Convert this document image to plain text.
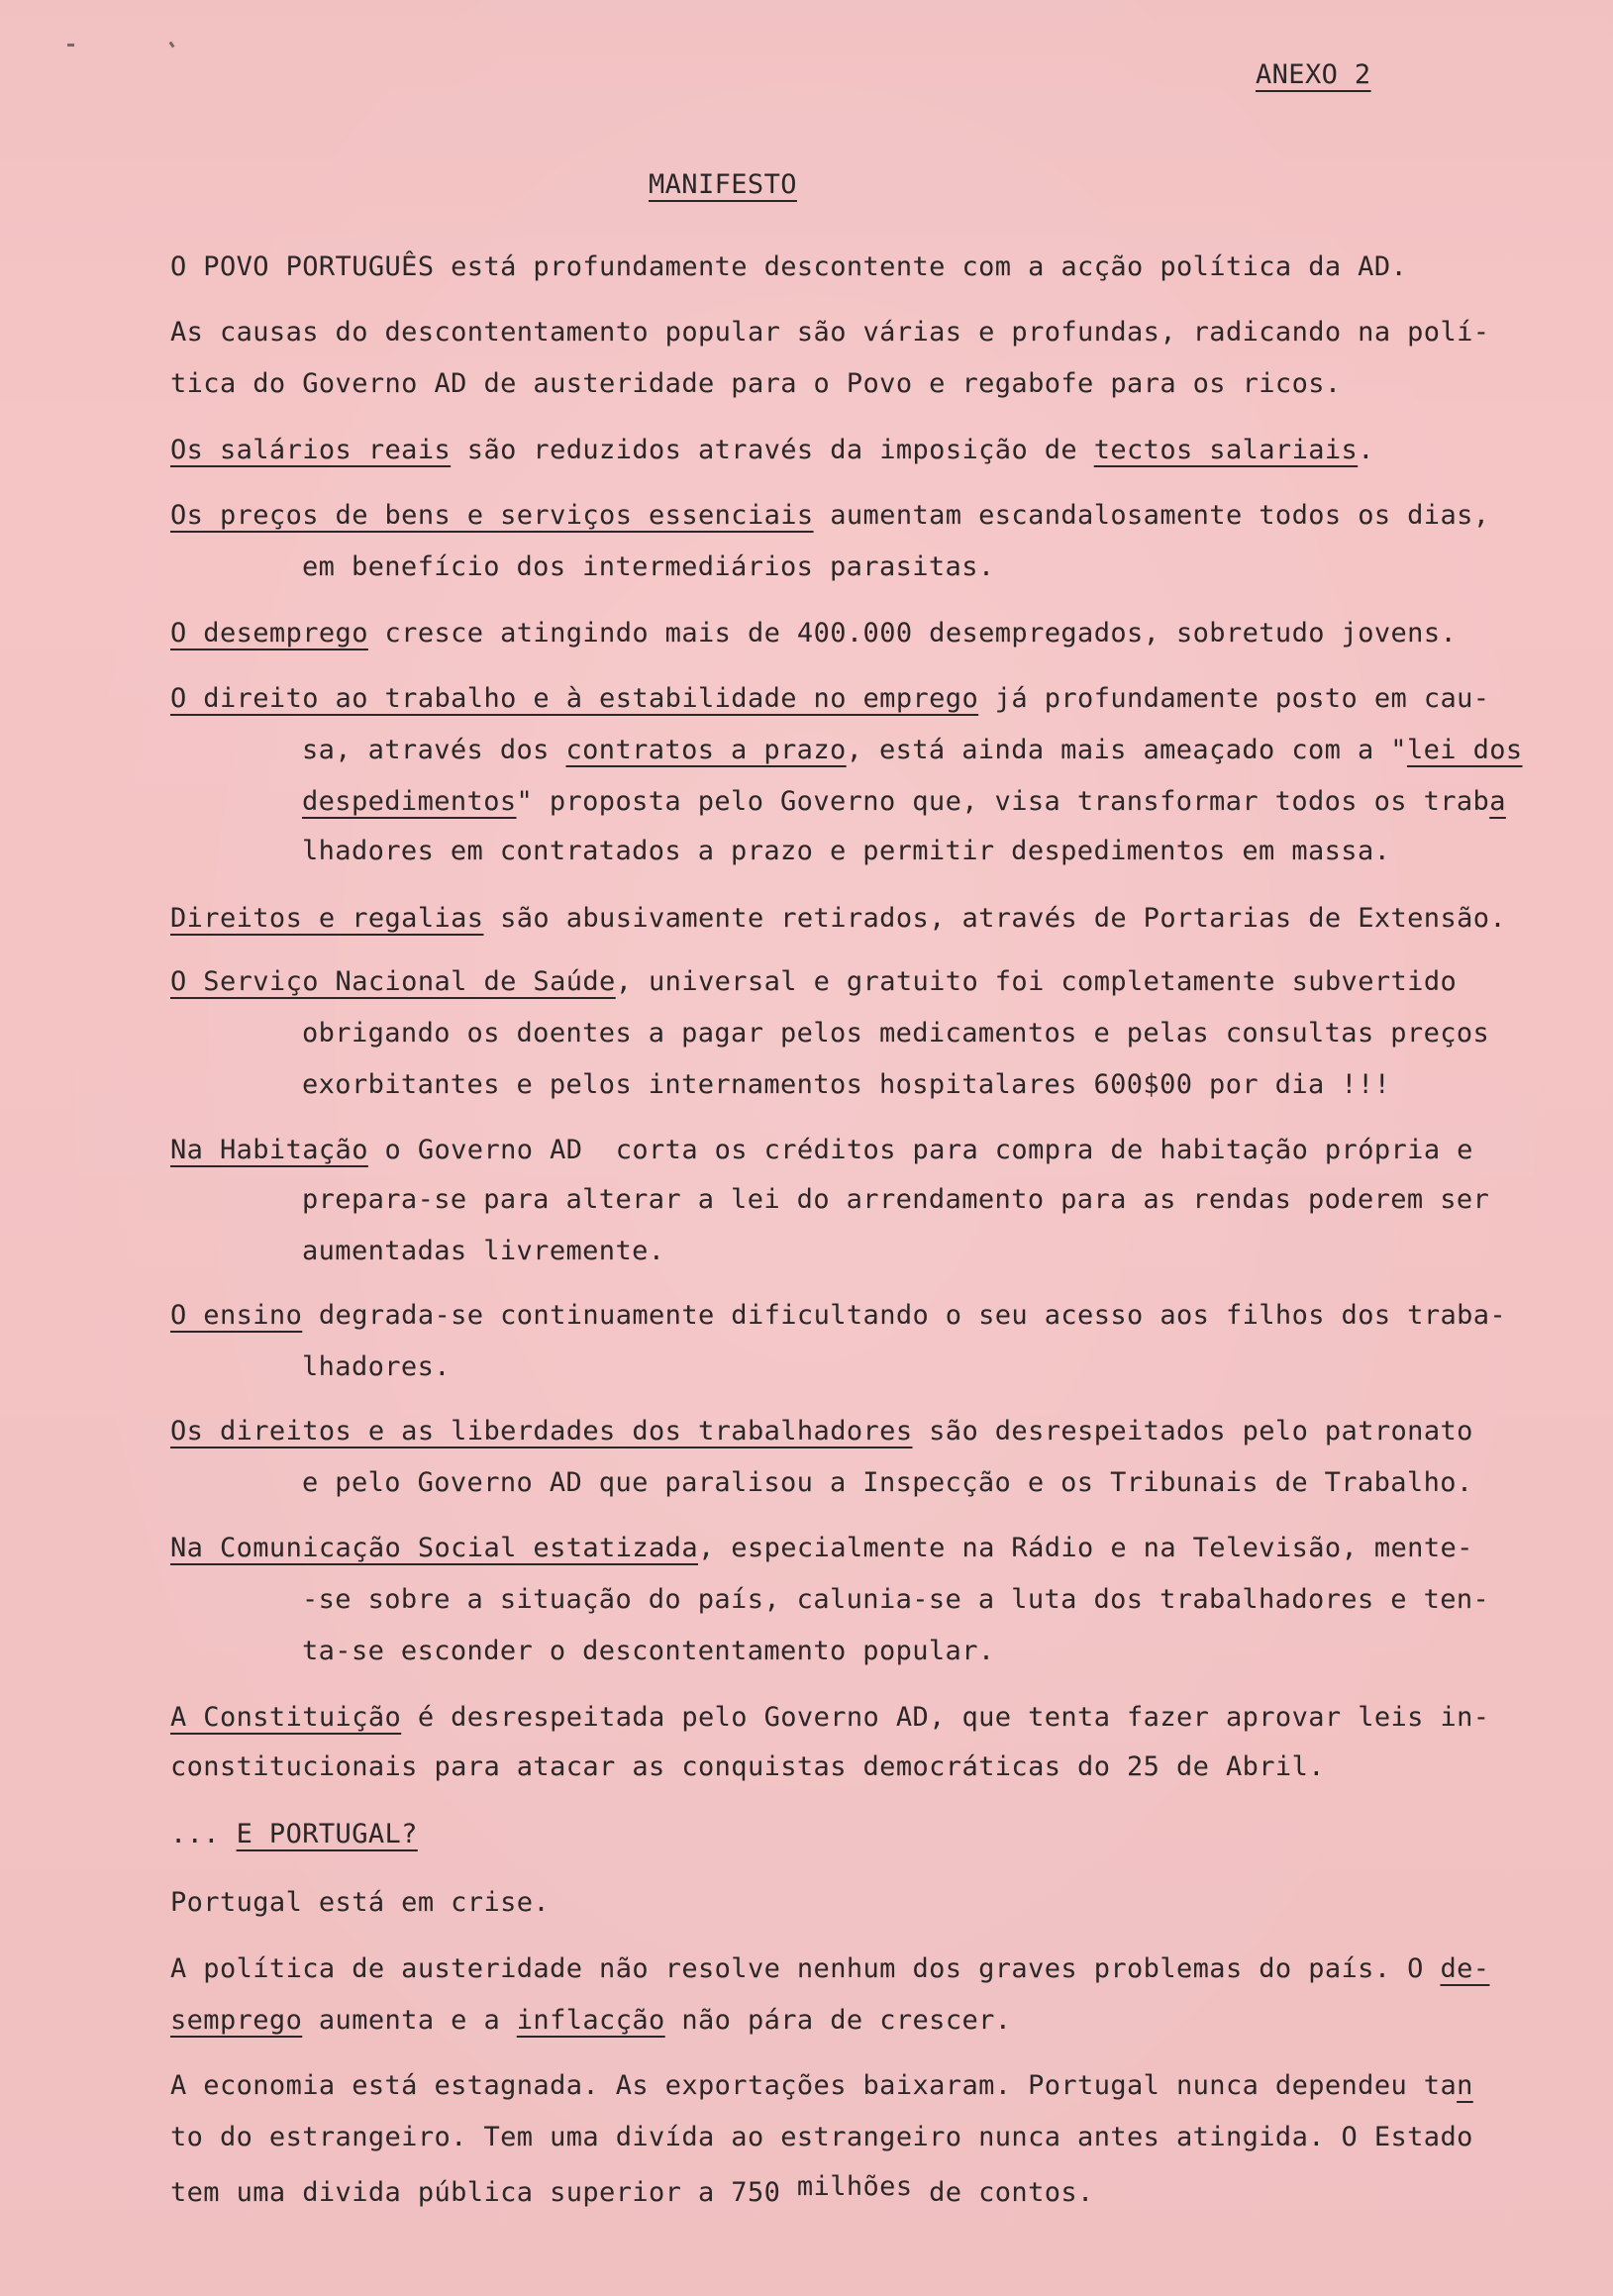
ANEXO 2
MANIFESTO
O POVO PORTUGUÊS está profundamente descontente com a acção política da AD.
As causas do descontentamento popular são várias e profundas, radicando na polí-
tica do Governo AD de austeridade para o Povo e regabofe para os ricos.
Os salários reais são reduzidos através da imposição de tectos salariais.
Os preços de bens e serviços essenciais aumentam escandalosamente todos os dias,
em benefício dos intermediários parasitas.
O desemprego cresce atingindo mais de 400.000 desempregados, sobretudo jovens.
O direito ao trabalho e à estabilidade no emprego já profundamente posto em cau-
sa, através dos contratos a prazo, está ainda mais ameaçado com a "lei dos
despedimentos" proposta pelo Governo que, visa transformar todos os traba
lhadores em contratados a prazo e permitir despedimentos em massa.
Direitos e regalias são abusivamente retirados, através de Portarias de Extensão.
O Serviço Nacional de Saúde, universal e gratuito foi completamente subvertido
obrigando os doentes a pagar pelos medicamentos e pelas consultas preços
exorbitantes e pelos internamentos hospitalares 600$00 por dia !!!
Na Habitação o Governo AD  corta os créditos para compra de habitação própria e
prepara-se para alterar a lei do arrendamento para as rendas poderem ser
aumentadas livremente.
O ensino degrada-se continuamente dificultando o seu acesso aos filhos dos traba-
lhadores.
Os direitos e as liberdades dos trabalhadores são desrespeitados pelo patronato
e pelo Governo AD que paralisou a Inspecção e os Tribunais de Trabalho.
Na Comunicação Social estatizada, especialmente na Rádio e na Televisão, mente-
-se sobre a situação do país, calunia-se a luta dos trabalhadores e ten-
ta-se esconder o descontentamento popular.
A Constituição é desrespeitada pelo Governo AD, que tenta fazer aprovar leis in-
constitucionais para atacar as conquistas democráticas do 25 de Abril.
... E PORTUGAL?
Portugal está em crise.
A política de austeridade não resolve nenhum dos graves problemas do país. O de-
semprego aumenta e a inflacção não pára de crescer.
A economia está estagnada. As exportações baixaram. Portugal nunca dependeu tan
to do estrangeiro. Tem uma divída ao estrangeiro nunca antes atingida. O Estado
tem uma divida pública superior a 750 milhões de contos.
